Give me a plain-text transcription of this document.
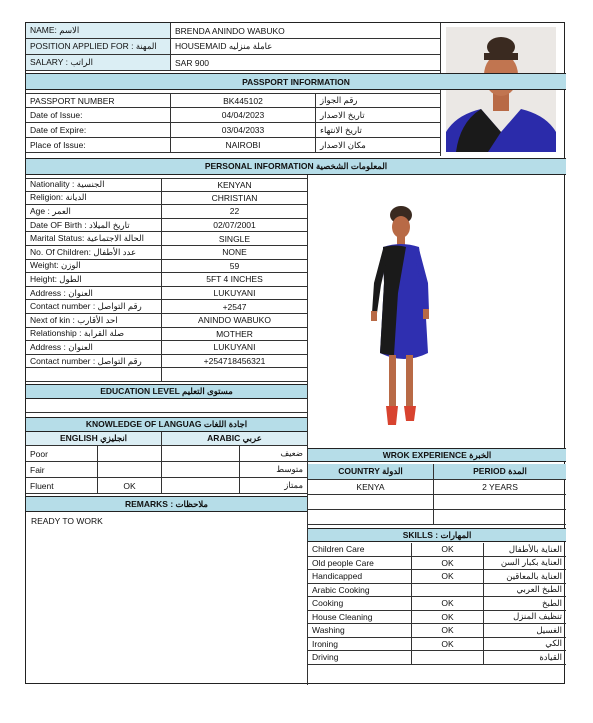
NAME: الاسم	BRENDA ANINDO WABUKO
POSITION APPLIED FOR : المهنة	HOUSEMAID عاملة منزليه
SALARY : الراتب	SAR 900
PASSPORT INFORMATION
PASSPORT NUMBER	BK445102	رقم الجواز
Date of Issue:	04/04/2023	تاريخ الاصدار
Date of Expire:	03/04/2033	تاريخ الانتهاء
Place of Issue:	NAIROBI	مكان الاصدار
PERSONAL INFORMATION المعلومات الشخصية
Nationality : الجنسية	KENYAN
Religion: الديانة	CHRISTIAN
Age : العمر	22
Date OF Birth : تاريخ الميلاد	02/07/2001
Marital Status: الحالة الاجتماعية	SINGLE
No. Of Children: عدد الأطفال	NONE
Weight: الوزن	59
Height: الطول	5FT 4 INCHES
Address : العنوان	LUKUYANI
Contact number : رقم التواصل	+2547
Next of kin : احد الأقارب	ANINDO WABUKO
Relationship : صلة القرابة	MOTHER
Address : العنوان	LUKUYANI
Contact number : رقم التواصل	+254718456321
EDUCATION LEVEL مستوى التعليم
KNOWLEDGE OF LANGUAG اجادة اللغات
ENGLISH انجليزي	ARABIC عربي
Poor	ضعيف
Fair	متوسط
Fluent	OK	ممتاز
REMARKS : ملاحظات
READY TO WORK
WROK EXPERIENCE الخبرة
COUNTRY الدولة	PERIOD المدة
KENYA	2 YEARS
SKILLS : المهارات
Children Care	OK	العناية بالأطفال
Old people Care	OK	العناية بكبار السن
Handicapped	OK	العناية بالمعاقين
Arabic Cooking	الطبخ العربي
Cooking	OK	الطبخ
House Cleaning	OK	تنظيف المنزل
Washing	OK	الغسيل
Ironing	OK	الكي
Driving	القيادة
